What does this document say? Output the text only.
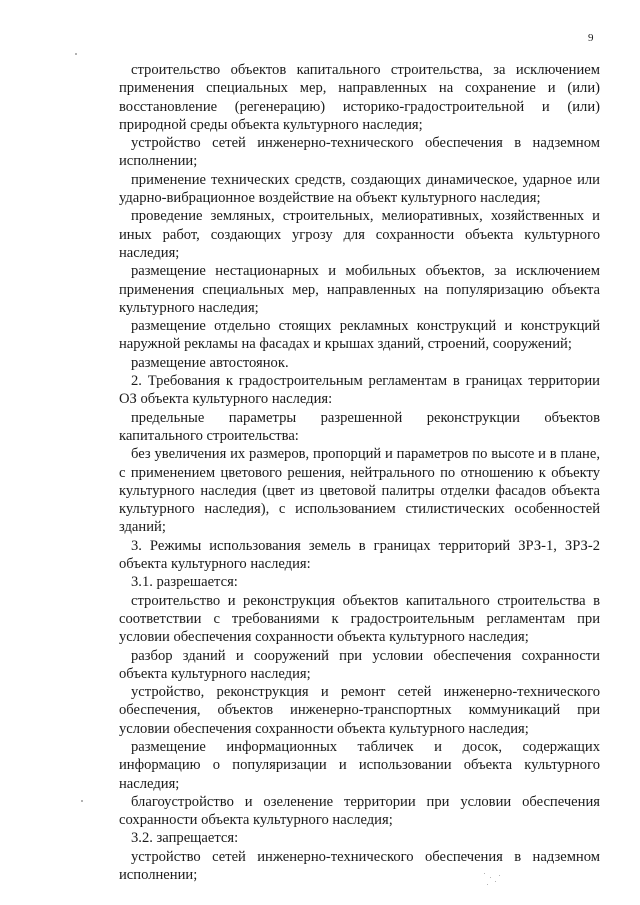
9

строительство объектов капитального строительства, за исключением применения специальных мер, направленных на сохранение и (или) восстановление (регенерацию) историко-градостроительной и (или) природной среды объекта культурного наследия;

устройство сетей инженерно-технического обеспечения в надземном исполнении;

применение технических средств, создающих динамическое, ударное или ударно-вибрационное воздействие на объект культурного наследия;

проведение земляных, строительных, мелиоративных, хозяйственных и иных работ, создающих угрозу для сохранности объекта культурного наследия;

размещение нестационарных и мобильных объектов, за исключением применения специальных мер, направленных на популяризацию объекта культурного наследия;

размещение отдельно стоящих рекламных конструкций и конструкций наружной рекламы на фасадах и крышах зданий, строений, сооружений;

размещение автостоянок.

2. Требования к градостроительным регламентам в границах территории ОЗ объекта культурного наследия:

предельные параметры разрешенной реконструкции объектов капитального строительства:

без увеличения их размеров, пропорций и параметров по высоте и в плане, с применением цветового решения, нейтрального по отношению к объекту культурного наследия (цвет из цветовой палитры отделки фасадов объекта культурного наследия), с использованием стилистических особенностей зданий;

3. Режимы использования земель в границах территорий ЗРЗ-1, ЗРЗ-2 объекта культурного наследия:

3.1. разрешается:

строительство и реконструкция объектов капитального строительства в соответствии с требованиями к градостроительным регламентам при условии обеспечения сохранности объекта культурного наследия;

разбор зданий и сооружений при условии обеспечения сохранности объекта культурного наследия;

устройство, реконструкция и ремонт сетей инженерно-технического обеспечения, объектов инженерно-транспортных коммуникаций при условии обеспечения сохранности объекта культурного наследия;

размещение информационных табличек и досок, содержащих информацию о популяризации и использовании объекта культурного наследия;

благоустройство и озеленение территории при условии обеспечения сохранности объекта культурного наследия;

3.2. запрещается:

устройство сетей инженерно-технического обеспечения в надземном исполнении;
